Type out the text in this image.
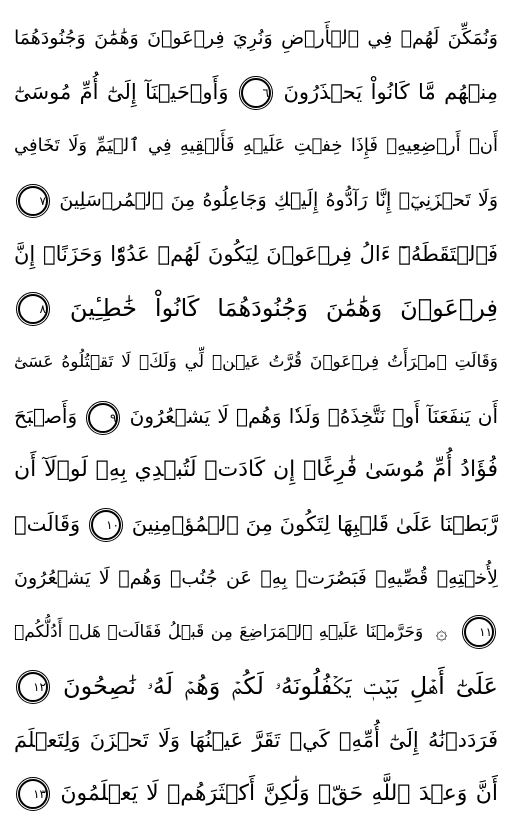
وَنُمَكِّنَ لَهُمۡ فِي ٱلۡأَرۡضِ وَنُرِيَ فِرۡعَوۡنَ وَهَٰمَٰنَ وَجُنُودَهُمَا
مِنۡهُم مَّا كَانُواْ يَحۡذَرُونَ ٦ وَأَوۡحَيۡنَآ إِلَىٰٓ أُمِّ مُوسَىٰٓ
أَنۡ أَرۡضِعِيهِۖ فَإِذَا خِفۡتِ عَلَيۡهِ فَأَلۡقِيهِ فِي ٱلۡيَمِّ وَلَا تَخَافِي
وَلَا تَحۡزَنِيٓۖ إِنَّا رَآدُّوهُ إِلَيۡكِ وَجَاعِلُوهُ مِنَ ٱلۡمُرۡسَلِينَ ٧
فَٱلۡتَقَطَهُۥٓ ءَالُ فِرۡعَوۡنَ لِيَكُونَ لَهُمۡ عَدُوّٗا وَحَزَنًاۗ إِنَّ
فِرۡعَوۡنَ وَهَٰمَٰنَ وَجُنُودَهُمَا كَانُواْ خَٰطِـِٔينَ ٨
وَقَالَتِ ٱمۡرَأَتُ فِرۡعَوۡنَ قُرَّتُ عَيۡنٖ لِّي وَلَكَۖ لَا تَقۡتُلُوهُ عَسَىٰٓ
أَن يَنفَعَنَآ أَوۡ نَتَّخِذَهُۥ وَلَدٗا وَهُمۡ لَا يَشۡعُرُونَ ٩ وَأَصۡبَحَ
فُؤَادُ أُمِّ مُوسَىٰ فَٰرِغًاۖ إِن كَادَتۡ لَتُبۡدِي بِهِۦ لَوۡلَآ أَن
رَّبَطۡنَا عَلَىٰ قَلۡبِهَا لِتَكُونَ مِنَ ٱلۡمُؤۡمِنِينَ ١٠ وَقَالَتۡ
لِأُخۡتِهِۦ قُصِّيهِۖ فَبَصُرَتۡ بِهِۦ عَن جُنُبٖ وَهُمۡ لَا يَشۡعُرُونَ
١١ ۞ وَحَرَّمۡنَا عَلَيۡهِ ٱلۡمَرَاضِعَ مِن قَبۡلُ فَقَالَتۡ هَلۡ أَدُلُّكُمۡ
عَلَىٰٓ أَهۡلِ بَيۡتٖ يَكۡفُلُونَهُۥ لَكُمۡ وَهُمۡ لَهُۥ نَٰصِحُونَ ١٢
فَرَدَدۡنَٰهُ إِلَىٰٓ أُمِّهِۦ كَيۡ تَقَرَّ عَيۡنُهَا وَلَا تَحۡزَنَ وَلِتَعۡلَمَ
أَنَّ وَعۡدَ ٱللَّهِ حَقّٞ وَلَٰكِنَّ أَكۡثَرَهُمۡ لَا يَعۡلَمُونَ ١٣
